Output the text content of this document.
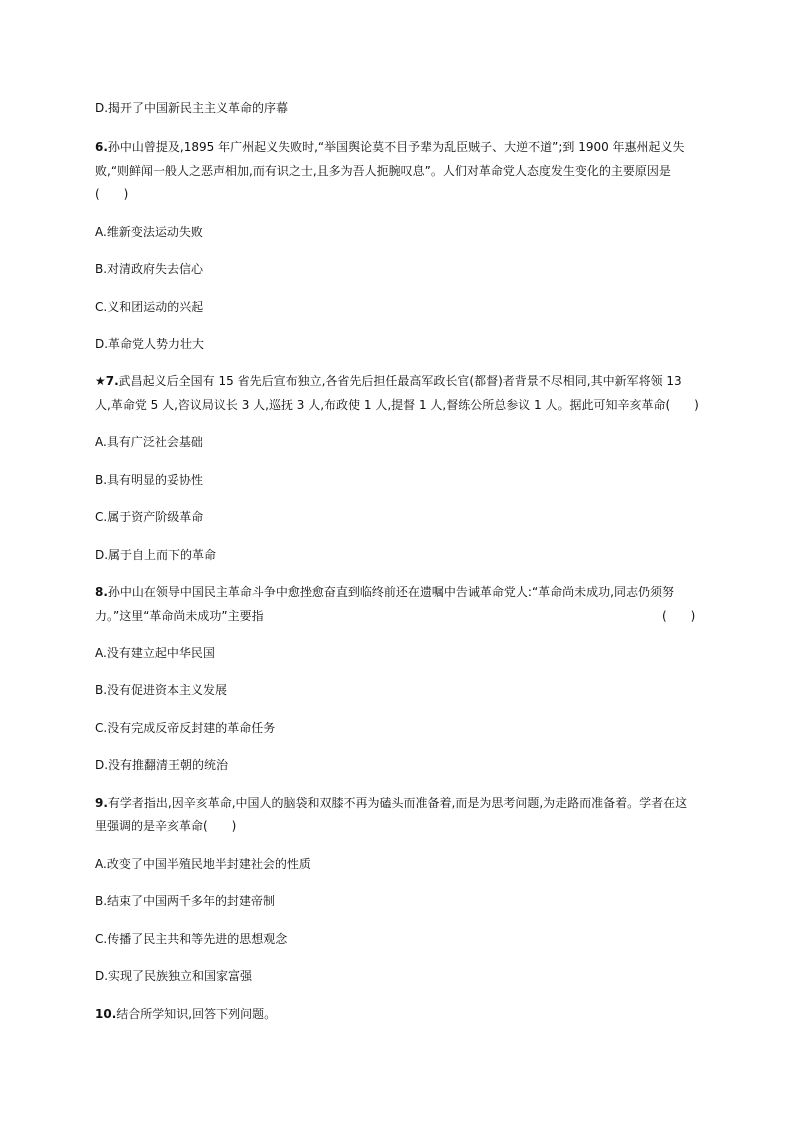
D.揭开了中国新民主主义革命的序幕
6.孙中山曾提及,1895 年广州起义失败时,“举国舆论莫不目予辈为乱臣贼子、大逆不道”;到 1900 年惠州起义失
败,“则鲜闻一般人之恶声相加,而有识之士,且多为吾人扼腕叹息”。人们对革命党人态度发生变化的主要原因是
(　　)
A.维新变法运动失败
B.对清政府失去信心
C.义和团运动的兴起
D.革命党人势力壮大
★7.武昌起义后全国有 15 省先后宣布独立,各省先后担任最高军政长官(都督)者背景不尽相同,其中新军将领 13
人,革命党 5 人,咨议局议长 3 人,巡抚 3 人,布政使 1 人,提督 1 人,督练公所总参议 1 人。据此可知辛亥革命(　　)
A.具有广泛社会基础
B.具有明显的妥协性
C.属于资产阶级革命
D.属于自上而下的革命
8.孙中山在领导中国民主革命斗争中愈挫愈奋直到临终前还在遗嘱中告诫革命党人:“革命尚未成功,同志仍须努
力。”这里“革命尚未成功”主要指	(　　)
A.没有建立起中华民国
B.没有促进资本主义发展
C.没有完成反帝反封建的革命任务
D.没有推翻清王朝的统治
9.有学者指出,因辛亥革命,中国人的脑袋和双膝不再为磕头而准备着,而是为思考问题,为走路而准备着。学者在这
里强调的是辛亥革命(　　)
A.改变了中国半殖民地半封建社会的性质
B.结束了中国两千多年的封建帝制
C.传播了民主共和等先进的思想观念
D.实现了民族独立和国家富强
10.结合所学知识,回答下列问题。
